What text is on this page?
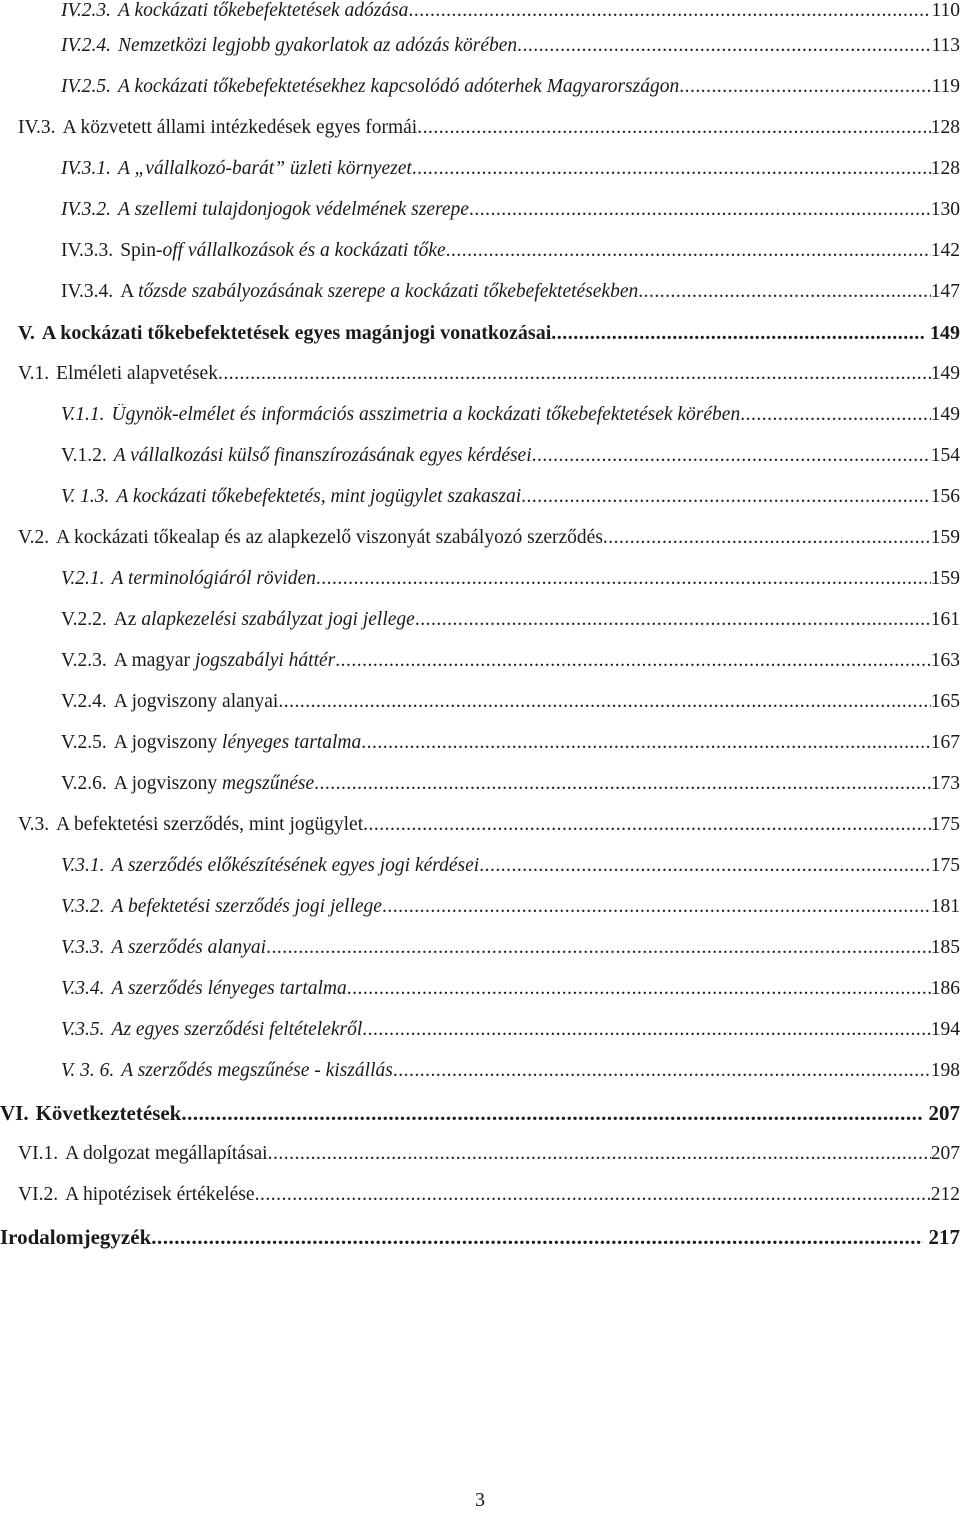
IV.2.3. A kockázati tőkebefektetések adózása .....	110
IV.2.4. Nemzetközi legjobb gyakorlatok az adózás körében .....	113
IV.2.5. A kockázati tőkebefektetésekhez kapcsolódó adóterhek Magyarországon .....	119
IV.3. A közvetett állami intézkedések egyes formái .....	128
IV.3.1. A „vállalkozó-barát” üzleti környezet .....	128
IV.3.2. A szellemi tulajdonjogok védelmének szerepe .....	130
IV.3.3. Spin-off vállalkozások és a kockázati tőke .....	142
IV.3.4. A tőzsde szabályozásának szerepe a kockázati tőkebefektetésekben .....	147
V. A kockázati tőkebefektetések egyes magánjogi vonatkozásai .....	149
V.1. Elméleti alapvetések .....	149
V.1.1. Ügynök-elmélet és információs asszimetria a kockázati tőkebefektetések körében .....	149
V.1.2. A vállalkozási külső finanszírozásának egyes kérdései .....	154
V. 1.3. A kockázati tőkebefektetés, mint jogügylet szakaszai .....	156
V.2. A kockázati tőkealap és az alapkezelő viszonyát szabályozó szerződés .....	159
V.2.1. A terminológiáról röviden .....	159
V.2.2. Az alapkezelési szabályzat jogi jellege .....	161
V.2.3. A magyar jogszabályi háttér .....	163
V.2.4. A jogviszony alanyai .....	165
V.2.5. A jogviszony lényeges tartalma .....	167
V.2.6. A jogviszony megszűnése .....	173
V.3. A befektetési szerződés, mint jogügylet .....	175
V.3.1. A szerződés előkészítésének egyes jogi kérdései .....	175
V.3.2. A befektetési szerződés jogi jellege .....	181
V.3.3. A szerződés alanyai .....	185
V.3.4. A szerződés lényeges tartalma .....	186
V.3.5. Az egyes szerződési feltételekről .....	194
V. 3. 6. A szerződés megszűnése - kiszállás .....	198
VI. Következtetések .....	207
VI.1. A dolgozat megállapításai .....	207
VI.2. A hipotézisek értékelése .....	212
Irodalomjegyzék .....	217
3
